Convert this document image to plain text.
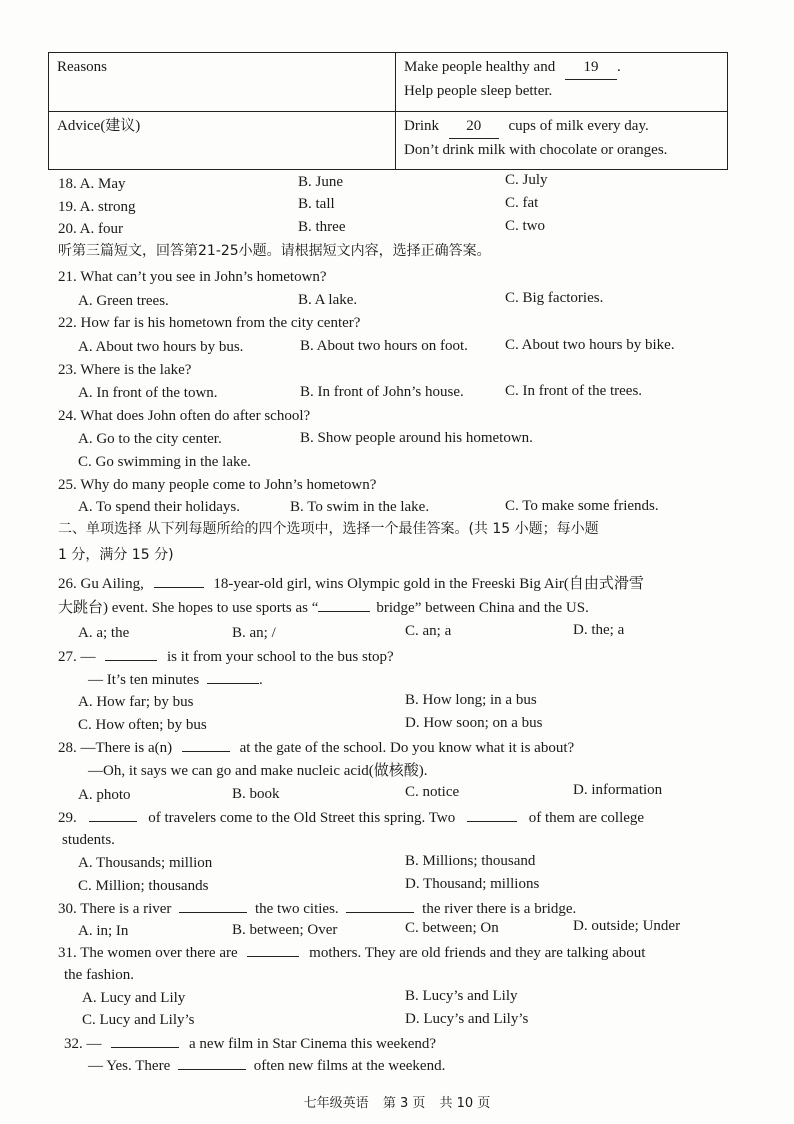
Reasons	Make people healthy and 19 .
Help people sleep better.
Advice(建议)	Drink 20 cups of milk every day.
Don’t drink milk with chocolate or oranges.
18. A. May	B. June	C. July
19. A. strong	B. tall	C. fat
20. A. four	B. three	C. two
听第三篇短文，回答第21-25小题。请根据短文内容，选择正确答案。
21. What can’t you see in John’s hometown?
A. Green trees.	B. A lake.	C. Big factories.
22. How far is his hometown from the city center?
A. About two hours by bus.	B. About two hours on foot. C. About two hours by bike.
23. Where is the lake?
A. In front of the town.	B. In front of John’s house.	C. In front of the trees.
24. What does John often do after school?
A. Go to the city center.	B. Show people around his hometown.
C. Go swimming in the lake.
25. Why do many people come to John’s hometown?
A. To spend their holidays.	B. To swim in the lake.	C. To make some friends.
二、单项选择 从下列每题所给的四个选项中，选择一个最佳答案。(共 15 小题；每小题
1 分，满分 15 分)
26. Gu Ailing,	18-year-old girl, wins Olympic gold in the Freeski Big Air(自由式滑雪
大跳台) event. She hopes to use sports as “	bridge” between China and the US.
A. a; the	B. an; /	C. an; a	D. the; a
27. —	is it from your school to the bus stop?
— It’s ten minutes	.
A. How far; by bus	B. How long; in a bus
C. How often; by bus	D. How soon; on a bus
28. —There is a(n)	at the gate of the school. Do you know what it is about?
—Oh, it says we can go and make nucleic acid(做核酸).
A. photo	B. book	C. notice	D. information
29.	of travelers come to the Old Street this spring. Two	of them are college
students.
A. Thousands; million	B. Millions; thousand
C. Million; thousands	D. Thousand; millions
30. There is a river	the two cities.	the river there is a bridge.
A. in; In	B. between; Over	C. between; On	D. outside; Under
31. The women over there are	mothers. They are old friends and they are talking about
the fashion.
A. Lucy and Lily	B. Lucy’s and Lily
C. Lucy and Lily’s	D. Lucy’s and Lily’s
32. —	a new film in Star Cinema this weekend?
— Yes. There	often new films at the weekend.
七年级英语 第 3 页 共 10 页
